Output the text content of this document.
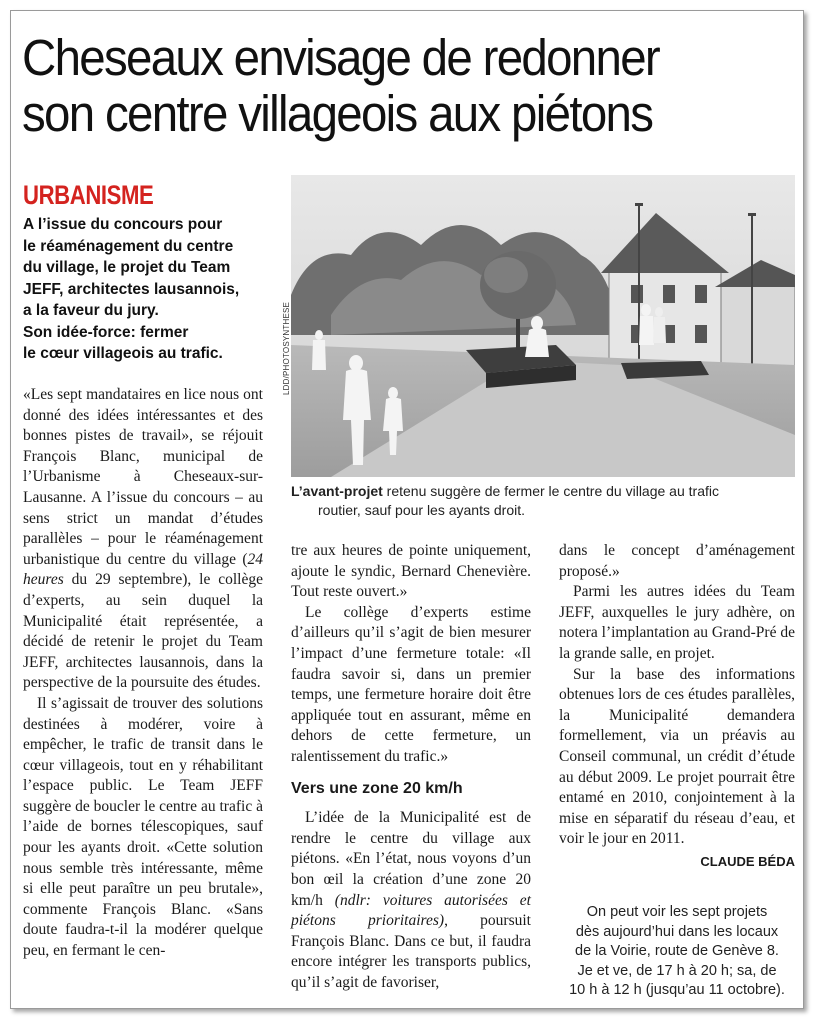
Cheseaux envisage de redonner
son centre villageois aux piétons
URBANISME
A l’issue du concours pour
le réaménagement du centre
du village, le projet du Team
JEFF, architectes lausannois,
a la faveur du jury.
Son idée-force: fermer
le cœur villageois au trafic.	LDD/PHOTOSYNTHESE
L’avant-projet retenu suggère de fermer le centre du village au trafic
routier, sauf pour les ayants droit.

«Les sept mandataires en lice nous ont donné des idées intéressantes et des bonnes pistes de travail», se réjouit François Blanc, municipal de l’Urbanisme à Cheseaux-sur-Lausanne. A l’issue du concours – au sens strict un mandat d’études parallèles – pour le réaménagement urbanistique du centre du village (24 heures du 29 septembre), le collège d’experts, au sein duquel la Municipalité était représentée, a décidé de retenir le projet du Team JEFF, architectes lausannois, dans la perspective de la poursuite des études.

Il s’agissait de trouver des solutions destinées à modérer, voire à empêcher, le trafic de transit dans le cœur villageois, tout en y réhabilitant l’espace public. Le Team JEFF suggère de boucler le centre au trafic à l’aide de bornes télescopiques, sauf pour les ayants droit. «Cette solution nous semble très intéressante, même si elle peut paraître un peu brutale», commente François Blanc. «Sans doute faudra-t-il la modérer quelque peu, en fermant le cen-

tre aux heures de pointe uniquement, ajoute le syndic, Bernard Chenevière. Tout reste ouvert.»

Le collège d’experts estime d’ailleurs qu’il s’agit de bien mesurer l’impact d’une fermeture totale: «Il faudra savoir si, dans un premier temps, une fermeture horaire doit être appliquée tout en assurant, même en dehors de cette fermeture, un ralentissement du trafic.»

Vers une zone 20 km/h

L’idée de la Municipalité est de rendre le centre du village aux piétons. «En l’état, nous voyons d’un bon œil la création d’une zone 20 km/h (ndlr: voitures autorisées et piétons prioritaires), poursuit François Blanc. Dans ce but, il faudra encore intégrer les transports publics, qu’il s’agit de favoriser,

dans le concept d’aménagement proposé.»

Parmi les autres idées du Team JEFF, auxquelles le jury adhère, on notera l’implantation au Grand-Pré de la grande salle, en projet.

Sur la base des informations obtenues lors de ces études parallèles, la Municipalité demandera formellement, via un préavis au Conseil communal, un crédit d’étude au début 2009. Le projet pourrait être entamé en 2010, conjointement à la mise en séparatif du réseau d’eau, et voir le jour en 2011.

CLAUDE BÉDA
On peut voir les sept projets
dès aujourd’hui dans les locaux
de la Voirie, route de Genève 8.
Je et ve, de 17 h à 20 h; sa, de
10 h à 12 h (jusqu’au 11 octobre).
